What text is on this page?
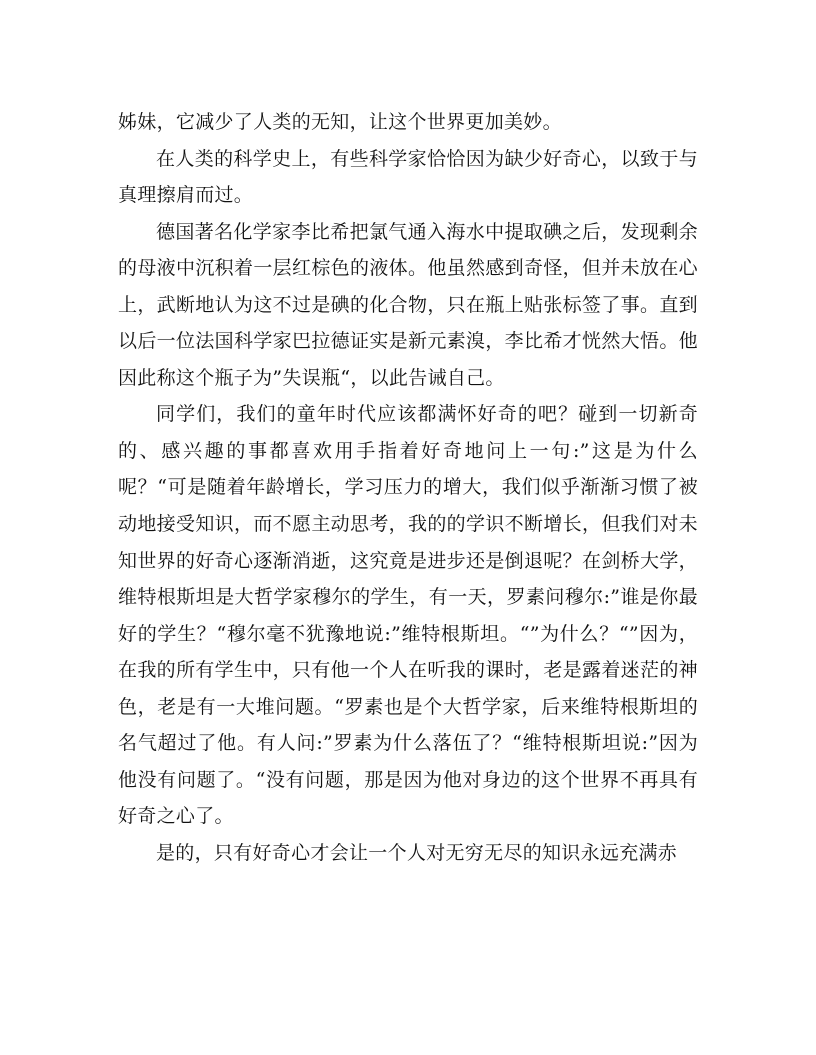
姊妹，它减少了人类的无知，让这个世界更加美妙。

在人类的科学史上，有些科学家恰恰因为缺少好奇心，以致于与真理擦肩而过。

德国著名化学家李比希把氯气通入海水中提取碘之后，发现剩余的母液中沉积着一层红棕色的液体。他虽然感到奇怪，但并未放在心上，武断地认为这不过是碘的化合物，只在瓶上贴张标签了事。直到以后一位法国科学家巴拉德证实是新元素溴，李比希才恍然大悟。他因此称这个瓶子为”失误瓶“，以此告诫自己。

同学们，我们的童年时代应该都满怀好奇的吧？碰到一切新奇的、感兴趣的事都喜欢用手指着好奇地问上一句:”这是为什么呢？“可是随着年龄增长，学习压力的增大，我们似乎渐渐习惯了被动地接受知识，而不愿主动思考，我的的学识不断增长，但我们对未知世界的好奇心逐渐消逝，这究竟是进步还是倒退呢？在剑桥大学，维特根斯坦是大哲学家穆尔的学生，有一天，罗素问穆尔:”谁是你最好的学生？“穆尔毫不犹豫地说:”维特根斯坦。“”为什么？“”因为，在我的所有学生中，只有他一个人在听我的课时，老是露着迷茫的神色，老是有一大堆问题。“罗素也是个大哲学家，后来维特根斯坦的名气超过了他。有人问:”罗素为什么落伍了？“维特根斯坦说:”因为他没有问题了。“没有问题，那是因为他对身边的这个世界不再具有好奇之心了。

是的，只有好奇心才会让一个人对无穷无尽的知识永远充满赤
